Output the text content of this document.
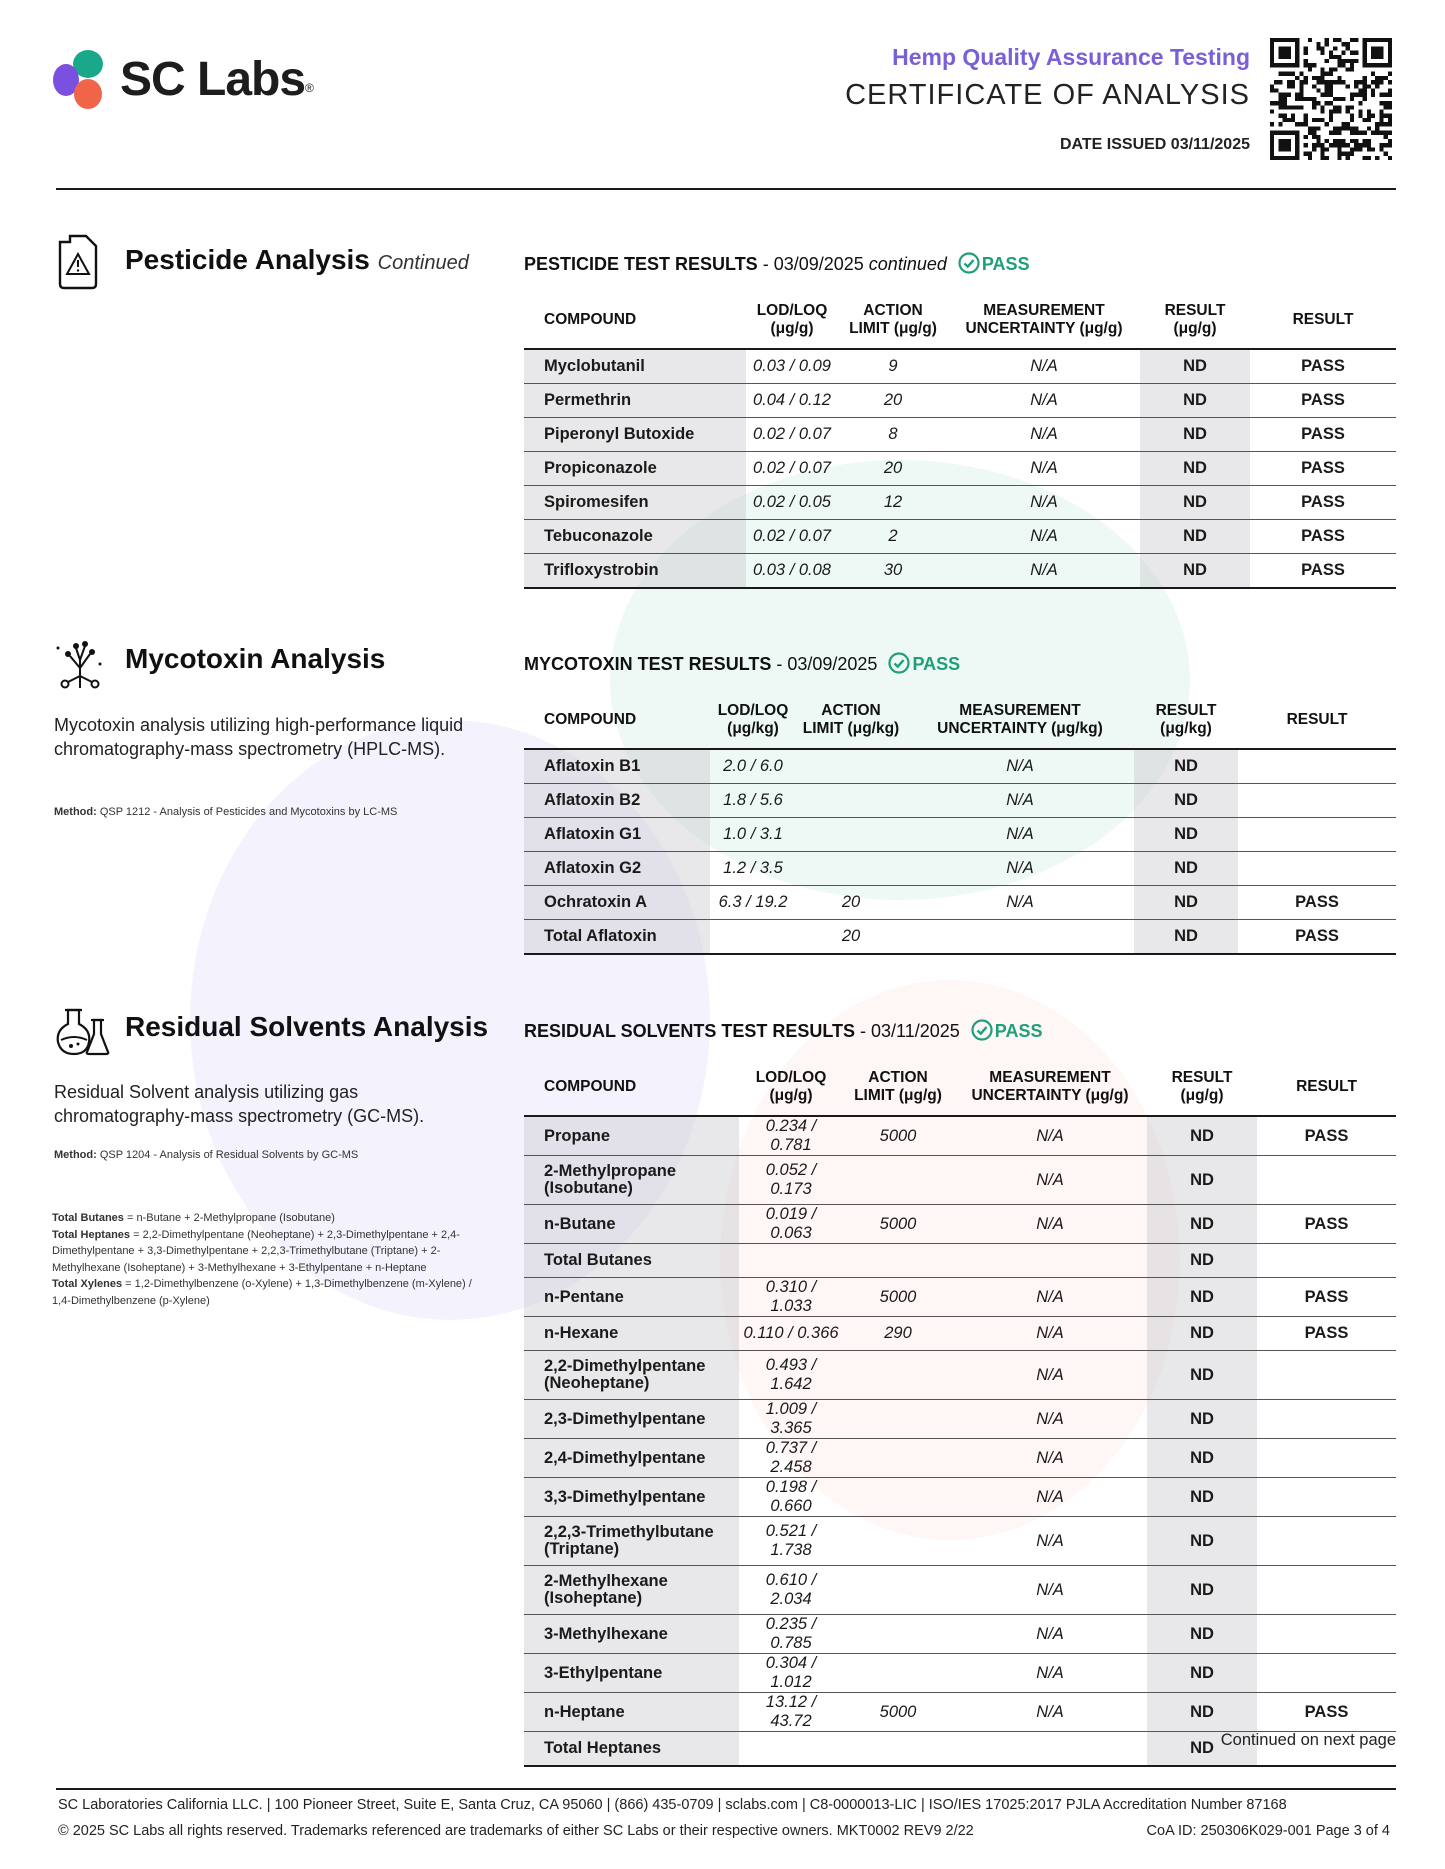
SC Labs®
Hemp Quality Assurance Testing
CERTIFICATE OF ANALYSIS
DATE ISSUED 03/11/2025
Pesticide Analysis Continued	PESTICIDE TEST RESULTS - 03/09/2025 continued PASS
COMPOUND	LOD/LOQ (μg/g)	ACTION LIMIT (μg/g)	MEASUREMENT UNCERTAINTY (μg/g)	RESULT (μg/g)	RESULT
Myclobutanil	0.03 / 0.09	9	N/A	ND	PASS
Permethrin	0.04 / 0.12	20	N/A	ND	PASS
Piperonyl Butoxide	0.02 / 0.07	8	N/A	ND	PASS
Propiconazole	0.02 / 0.07	20	N/A	ND	PASS
Spiromesifen	0.02 / 0.05	12	N/A	ND	PASS
Tebuconazole	0.02 / 0.07	2	N/A	ND	PASS
Trifloxystrobin	0.03 / 0.08	30	N/A	ND	PASS
Mycotoxin Analysis
Mycotoxin analysis utilizing high-performance liquid chromatography-mass spectrometry (HPLC-MS).
Method: QSP 1212 - Analysis of Pesticides and Mycotoxins by LC-MS
MYCOTOXIN TEST RESULTS - 03/09/2025 PASS
COMPOUND	LOD/LOQ (μg/kg)	ACTION LIMIT (μg/kg)	MEASUREMENT UNCERTAINTY (μg/kg)	RESULT (μg/kg)	RESULT
Aflatoxin B1	2.0 / 6.0		N/A	ND	
Aflatoxin B2	1.8 / 5.6		N/A	ND	
Aflatoxin G1	1.0 / 3.1		N/A	ND	
Aflatoxin G2	1.2 / 3.5		N/A	ND	
Ochratoxin A	6.3 / 19.2	20	N/A	ND	PASS
Total Aflatoxin		20		ND	PASS
Residual Solvents Analysis
Residual Solvent analysis utilizing gas chromatography-mass spectrometry (GC-MS).
Method: QSP 1204 - Analysis of Residual Solvents by GC-MS
Total Butanes = n-Butane + 2-Methylpropane (Isobutane)
Total Heptanes = 2,2-Dimethylpentane (Neoheptane) + 2,3-Dimethylpentane + 2,4-Dimethylpentane + 3,3-Dimethylpentane + 2,2,3-Trimethylbutane (Triptane) + 2-Methylhexane (Isoheptane) + 3-Methylhexane + 3-Ethylpentane + n-Heptane
Total Xylenes = 1,2-Dimethylbenzene (o-Xylene) + 1,3-Dimethylbenzene (m-Xylene) / 1,4-Dimethylbenzene (p-Xylene)
RESIDUAL SOLVENTS TEST RESULTS - 03/11/2025 PASS
COMPOUND	LOD/LOQ (μg/g)	ACTION LIMIT (μg/g)	MEASUREMENT UNCERTAINTY (μg/g)	RESULT (μg/g)	RESULT
Propane	0.234 / 0.781	5000	N/A	ND	PASS
2-Methylpropane (Isobutane)	0.052 / 0.173		N/A	ND	
n-Butane	0.019 / 0.063	5000	N/A	ND	PASS
Total Butanes				ND	
n-Pentane	0.310 / 1.033	5000	N/A	ND	PASS
n-Hexane	0.110 / 0.366	290	N/A	ND	PASS
2,2-Dimethylpentane (Neoheptane)	0.493 / 1.642		N/A	ND	
2,3-Dimethylpentane	1.009 / 3.365		N/A	ND	
2,4-Dimethylpentane	0.737 / 2.458		N/A	ND	
3,3-Dimethylpentane	0.198 / 0.660		N/A	ND	
2,2,3-Trimethylbutane (Triptane)	0.521 / 1.738		N/A	ND	
2-Methylhexane (Isoheptane)	0.610 / 2.034		N/A	ND	
3-Methylhexane	0.235 / 0.785		N/A	ND	
3-Ethylpentane	0.304 / 1.012		N/A	ND	
n-Heptane	13.12 / 43.72	5000	N/A	ND	PASS
Total Heptanes				ND	Continued on next page
SC Laboratories California LLC. | 100 Pioneer Street, Suite E, Santa Cruz, CA 95060 | (866) 435-0709 | sclabs.com | C8-0000013-LIC | ISO/IES 17025:2017 PJLA Accreditation Number 87168
© 2025 SC Labs all rights reserved. Trademarks referenced are trademarks of either SC Labs or their respective owners. MKT0002 REV9 2/22	CoA ID: 250306K029-001 Page 3 of 4
